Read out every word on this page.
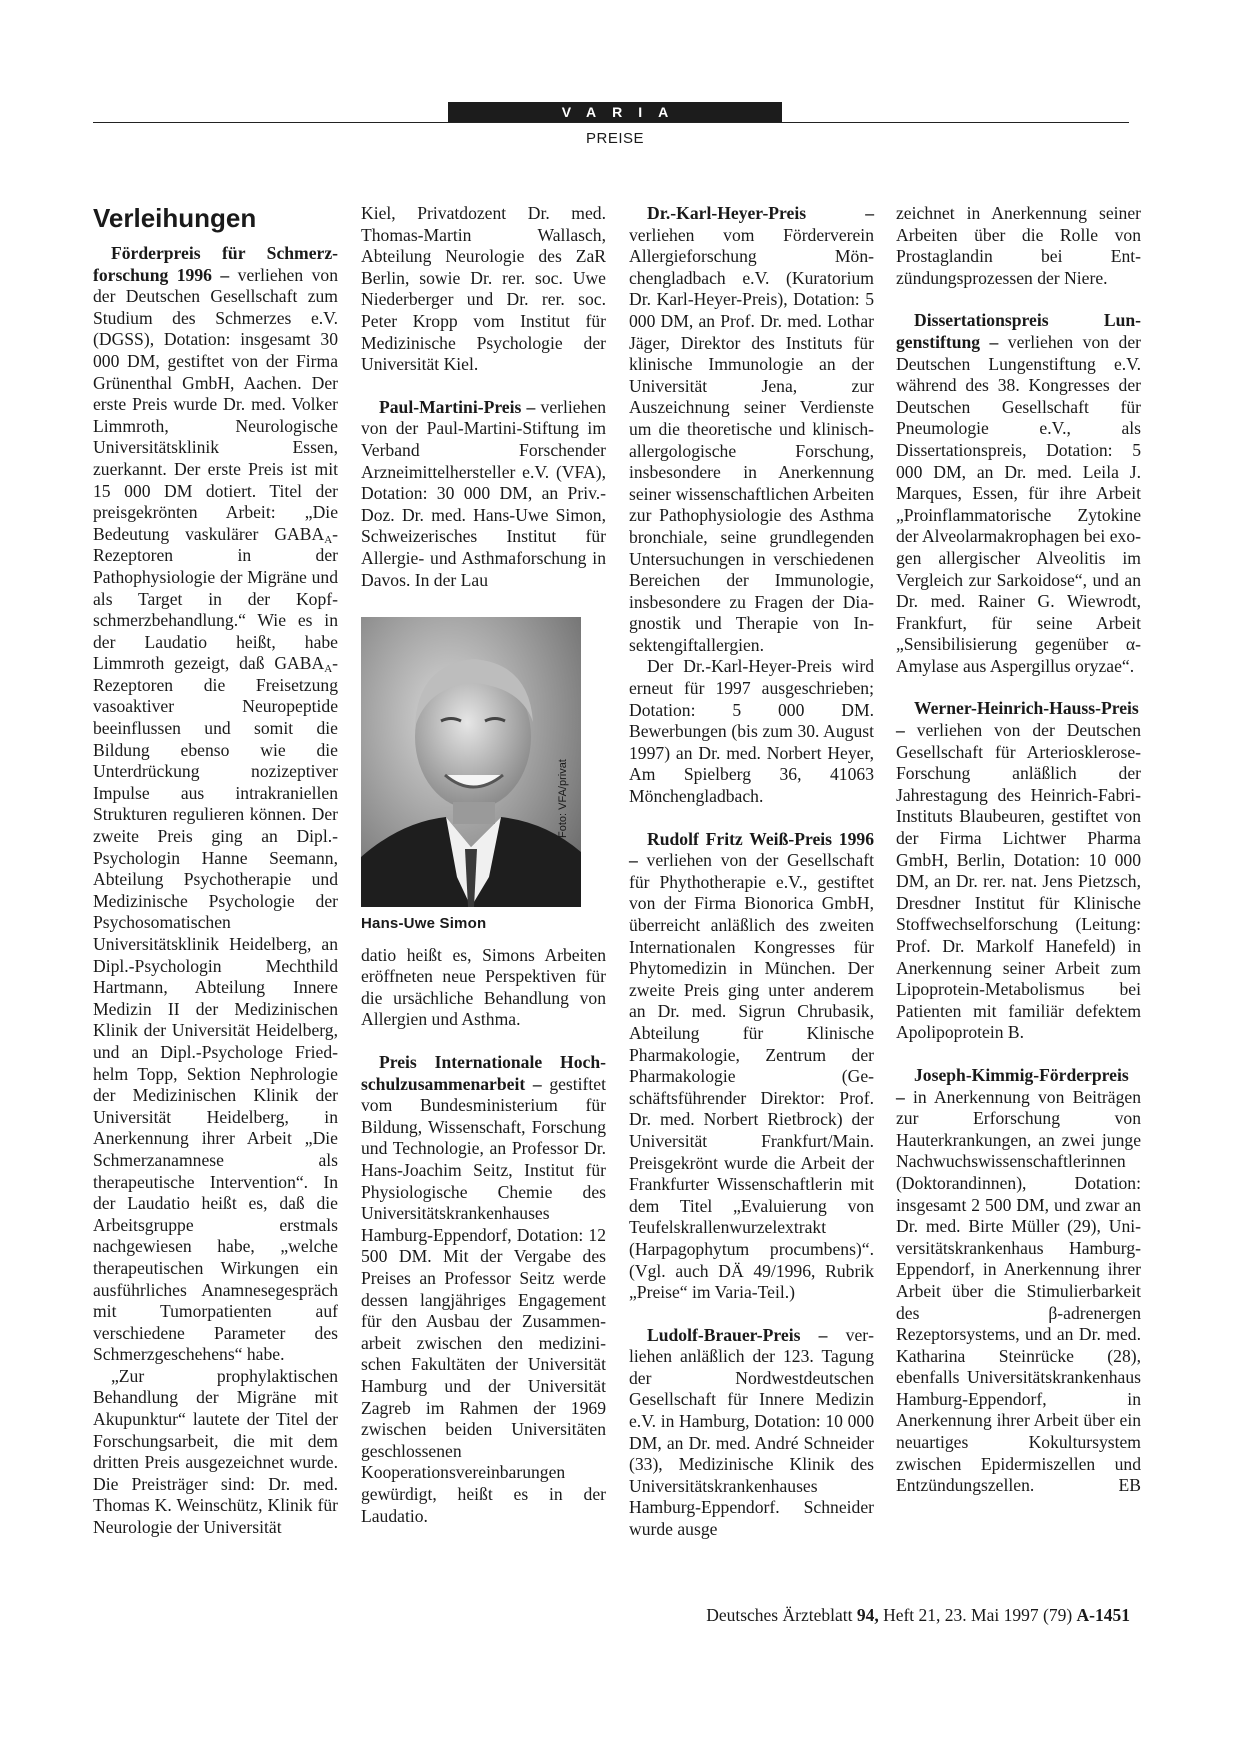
VARIA
PREISE
Verleihungen

Förderpreis für Schmerzforschung 1996 – verliehen von der Deutschen Gesellschaft zum Studium des Schmerzes e.V. (DGSS), Dotation: insgesamt 30 000 DM, gestiftet von der Firma Grünenthal GmbH, Aachen. Der erste Preis wurde Dr. med. Volker Limmroth, Neurologische Universitätsklinik Essen, zuerkannt. Der erste Preis ist mit 15 000 DM dotiert. Titel der preisgekrönten Arbeit: „Die Bedeutung vaskulärer $GABA_A$-Rezeptoren in der Pathophysiologie der Migräne und als Target in der Kopfschmerzbehandlung.“ Wie es in der Laudatio heißt, habe Limmroth gezeigt, daß $GABA_A$-Rezeptoren die Freisetzung vasoaktiver Neuropeptide beeinflussen und somit die Bildung ebenso wie die Unterdrückung nozizeptiver Impulse aus intrakraniellen Strukturen regulieren können. Der zweite Preis ging an Dipl.-Psychologin Hanne Seemann, Abteilung Psychotherapie und Medizinische Psychologie der Psychosomatischen Universitätsklinik Heidelberg, an Dipl.-Psychologin Mechthild Hartmann, Abteilung Innere Medizin II der Medizinischen Klinik der Universität Heidelberg, und an Dipl.-Psychologe Friedhelm Topp, Sektion Nephrologie der Medizinischen Klinik der Universität Heidelberg, in Anerkennung ihrer Arbeit „Die Schmerzanamnese als therapeutische Intervention“. In der Laudatio heißt es, daß die Arbeitsgruppe erstmals nachgewiesen habe, „welche therapeutischen Wirkungen ein ausführliches Anamnesegespräch mit Tumorpatienten auf verschiedene Parameter des Schmerzgeschehens“ habe.

„Zur prophylaktischen Behandlung der Migräne mit Akupunktur“ lautete der Titel der Forschungsarbeit, die mit dem dritten Preis ausgezeichnet wurde. Die Preisträger sind: Dr. med. Thomas K. Weinschütz, Klinik für Neurologie der Universität

Kiel, Privatdozent Dr. med. Thomas-Martin Wallasch, Abteilung Neurologie des ZaR Berlin, sowie Dr. rer. soc. Uwe Niederberger und Dr. rer. soc. Peter Kropp vom Institut für Medizinische Psychologie der Universität Kiel.

Paul-Martini-Preis – verliehen von der Paul-Martini-Stiftung im Verband Forschender Arzneimittelhersteller e.V. (VFA), Dotation: 30 000 DM, an Priv.-Doz. Dr. med. Hans-Uwe Simon, Schweizerisches Institut für Allergie- und Asthmaforschung in Davos. In der Lau

Hans-Uwe Simon

datio heißt es, Simons Arbeiten eröffneten neue Perspektiven für die ursächliche Behandlung von Allergien und Asthma.

Preis Internationale Hochschulzusammenarbeit – gestiftet vom Bundesministerium für Bildung, Wissenschaft, Forschung und Technologie, an Professor Dr. Hans-Joachim Seitz, Institut für Physiologische Chemie des Universitätskrankenhauses Hamburg-Eppendorf, Dotation: 12 500 DM. Mit der Vergabe des Preises an Professor Seitz werde dessen langjähriges Engagement für den Ausbau der Zusammenarbeit zwischen den medizinischen Fakultäten der Universität Hamburg und der Universität Zagreb im Rahmen der 1969 zwischen beiden Universitäten geschlossenen Kooperationsvereinbarungen gewürdigt, heißt es in der Laudatio.

Foto: VFA/privat

Dr.-Karl-Heyer-Preis – verliehen vom Förderverein Allergieforschung Mönchengladbach e.V. (Kuratorium Dr. Karl-Heyer-Preis), Dotation: 5 000 DM, an Prof. Dr. med. Lothar Jäger, Direktor des Instituts für klinische Immunologie an der Universität Jena, zur Auszeichnung seiner Verdienste um die theoretische und klinisch-allergologische Forschung, insbesondere in Anerkennung seiner wissenschaftlichen Arbeiten zur Pathophysiologie des Asthma bronchiale, seine grundlegenden Untersuchungen in verschiedenen Bereichen der Immunologie, insbesondere zu Fragen der Diagnostik und Therapie von Insektengiftallergien.

Der Dr.-Karl-Heyer-Preis wird erneut für 1997 ausgeschrieben; Dotation: 5 000 DM. Bewerbungen (bis zum 30. August 1997) an Dr. med. Norbert Heyer, Am Spielberg 36, 41063 Mönchengladbach.

Rudolf Fritz Weiß-Preis 1996 – verliehen von der Gesellschaft für Phythotherapie e.V., gestiftet von der Firma Bionorica GmbH, überreicht anläßlich des zweiten Internationalen Kongresses für Phytomedizin in München. Der zweite Preis ging unter anderem an Dr. med. Sigrun Chrubasik, Abteilung für Klinische Pharmakologie, Zentrum der Pharmakologie (Geschäftsführender Direktor: Prof. Dr. med. Norbert Rietbrock) der Universität Frankfurt/Main. Preisgekrönt wurde die Arbeit der Frankfurter Wissenschaftlerin mit dem Titel „Evaluierung von Teufelskrallenwurzelextrakt (Harpagophytum procumbens)“. (Vgl. auch DÄ 49/1996, Rubrik „Preise“ im Varia-Teil.)

Ludolf-Brauer-Preis – verliehen anläßlich der 123. Tagung der Nordwestdeutschen Gesellschaft für Innere Medizin e.V. in Hamburg, Dotation: 10 000 DM, an Dr. med. André Schneider (33), Medizinische Klinik des Universitätskrankenhauses Hamburg-Eppendorf. Schneider wurde ausge

zeichnet in Anerkennung seiner Arbeiten über die Rolle von Prostaglandin bei Entzündungsprozessen der Niere.

Dissertationspreis Lungenstiftung – verliehen von der Deutschen Lungenstiftung e.V. während des 38. Kongresses der Deutschen Gesellschaft für Pneumologie e.V., als Dissertationspreis, Dotation: 5 000 DM, an Dr. med. Leila J. Marques, Essen, für ihre Arbeit „Proinflammatorische Zytokine der Alveolarmakrophagen bei exogen allergischer Alveolitis im Vergleich zur Sarkoidose“, und an Dr. med. Rainer G. Wiewrodt, Frankfurt, für seine Arbeit „Sensibilisierung gegenüber α-Amylase aus Aspergillus oryzae“.

Werner-Heinrich-Hauss-Preis – verliehen von der Deutschen Gesellschaft für Arteriosklerose-Forschung anläßlich der Jahrestagung des Heinrich-Fabri-Instituts Blaubeuren, gestiftet von der Firma Lichtwer Pharma GmbH, Berlin, Dotation: 10 000 DM, an Dr. rer. nat. Jens Pietzsch, Dresdner Institut für Klinische Stoffwechselforschung (Leitung: Prof. Dr. Markolf Hanefeld) in Anerkennung seiner Arbeit zum Lipoprotein-Metabolismus bei Patienten mit familiär defektem Apolipoprotein B.

Joseph-Kimmig-Förderpreis – in Anerkennung von Beiträgen zur Erforschung von Hauterkrankungen, an zwei junge Nachwuchswissenschaftlerinnen (Doktorandinnen), Dotation: insgesamt 2 500 DM, und zwar an Dr. med. Birte Müller (29), Universitätskrankenhaus Hamburg-Eppendorf, in Anerkennung ihrer Arbeit über die Stimulierbarkeit des β-adrenergen Rezeptorsystems, und an Dr. med. Katharina Steinrücke (28), ebenfalls Universitätskrankenhaus Hamburg-Eppendorf, in Anerkennung ihrer Arbeit über ein neuartiges Kokultursystem zwischen Epidermiszellen und Entzündungszellen.	EB

Deutsches Ärzteblatt 94, Heft 21, 23. Mai 1997 (79) A-1451
